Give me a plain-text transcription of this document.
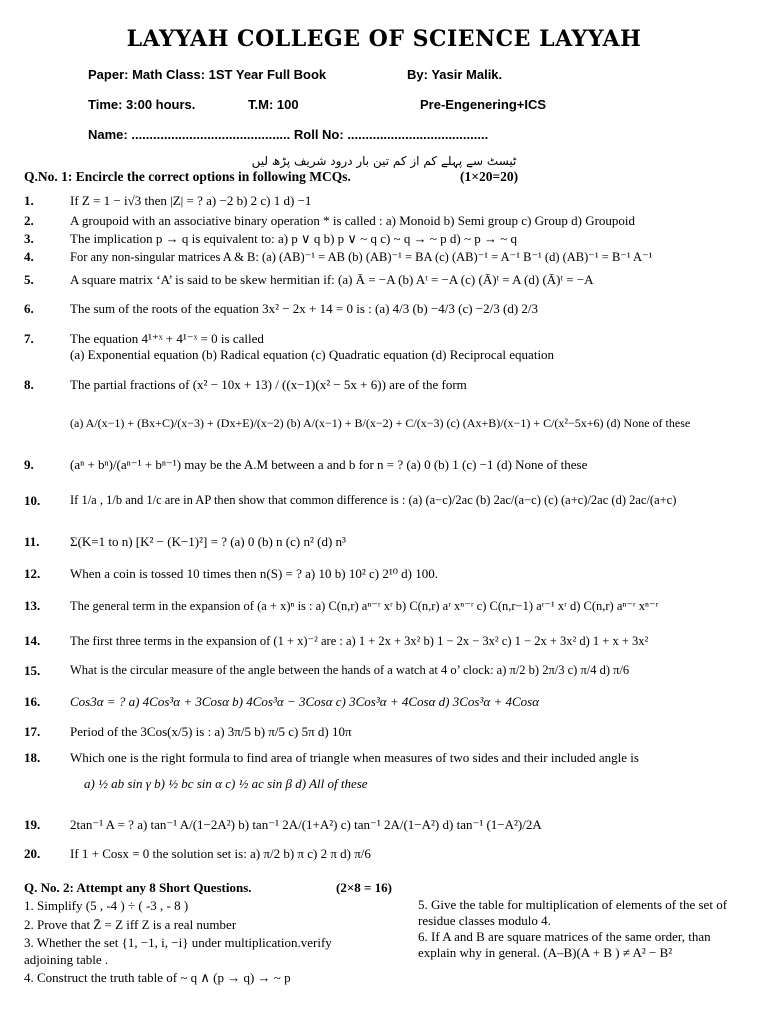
LAYYAH COLLEGE OF SCIENCE LAYYAH
Paper: Math Class: 1ST Year Full Book	By: Yasir Malik.
Time: 3:00 hours.	T.M: 100	Pre-Engenering+ICS
Name: ............................................ Roll No: .......................................
ٹیسٹ سے پہلے کم از کم تین بار درود شریف پڑھ لیں
Q.No. 1: Encircle the correct options in following MCQs.	(1×20=20)
1.	If Z = 1 − i√3 then |Z| = ? a) −2 b) 2 c) 1 d) −1
2.	A groupoid with an associative binary operation * is called : a) Monoid b) Semi group c) Group d) Groupoid
3.	The implication p → q is equivalent to: a) p ∨ q b) p ∨ ~ q c) ~ q → ~ p d) ~ p → ~ q
4.	For any non-singular matrices A & B: (a) (AB)⁻¹ = AB (b) (AB)⁻¹ = BA (c) (AB)⁻¹ = A⁻¹ B⁻¹ (d) (AB)⁻¹ = B⁻¹ A⁻¹
5.	A square matrix ‘A’ is said to be skew hermitian if: (a) Ā = −A (b) Aᵗ = −A (c) (Ā)ᵗ = A (d) (Ā)ᵗ = −A
6.	The sum of the roots of the equation 3x² − 2x + 14 = 0 is : (a) 4/3 (b) −4/3 (c) −2/3 (d) 2/3
7.	The equation 4¹⁺ˣ + 4¹⁻ˣ = 0 is called
(a) Exponential equation (b) Radical equation (c) Quadratic equation (d) Reciprocal equation
8.	The partial fractions of (x² − 10x + 13) / ((x−1)(x² − 5x + 6)) are of the form
(a) A/(x−1) + (Bx+C)/(x−3) + (Dx+E)/(x−2) (b) A/(x−1) + B/(x−2) + C/(x−3) (c) (Ax+B)/(x−1) + C/(x²−5x+6) (d) None of these
9.	(aⁿ + bⁿ)/(aⁿ⁻¹ + bⁿ⁻¹) may be the A.M between a and b for n = ? (a) 0 (b) 1 (c) −1 (d) None of these
10. If 1/a , 1/b and 1/c are in AP then show that common difference is : (a) (a−c)/2ac (b) 2ac/(a−c) (c) (a+c)/2ac (d) 2ac/(a+c)
11. Σ(K=1 to n) [K² − (K−1)²] = ? (a) 0 (b) n (c) n² (d) n³
12. When a coin is tossed 10 times then n(S) = ? a) 10 b) 10² c) 2¹⁰ d) 100.
13. The general term in the expansion of (a + x)ⁿ is : a) C(n,r) aⁿ⁻ʳ xʳ b) C(n,r) aʳ xⁿ⁻ʳ c) C(n,r−1) aʳ⁻¹ xʳ d) C(n,r) aⁿ⁻ʳ xⁿ⁻ʳ
14. The first three terms in the expansion of (1 + x)⁻² are : a) 1 + 2x + 3x² b) 1 − 2x − 3x² c) 1 − 2x + 3x² d) 1 + x + 3x²
15. What is the circular measure of the angle between the hands of a watch at 4 o’ clock: a) π/2 b) 2π/3 c) π/4 d) π/6
16. Cos3α = ? a) 4Cos³α + 3Cosα b) 4Cos³α − 3Cosα c) 3Cos³α + 4Cosα d) 3Cos³α + 4Cosα
17. Period of the 3Cos(x/5) is : a) 3π/5 b) π/5 c) 5π d) 10π
18. Which one is the right formula to find area of triangle when measures of two sides and their included angle is
a) ½ ab sin γ b) ½ bc sin α c) ½ ac sin β d) All of these
19. 2tan⁻¹ A = ? a) tan⁻¹ A/(1−2A²) b) tan⁻¹ 2A/(1+A²) c) tan⁻¹ 2A/(1−A²) d) tan⁻¹ (1−A²)/2A
20. If 1 + Cosx = 0 the solution set is: a) π/2 b) π c) 2 π d) π/6
Q. No. 2: Attempt any 8 Short Questions.	(2×8 = 16)
1. Simplify (5 , -4 ) ÷ ( -3 , - 8 )
2. Prove that Z̄ = Z iff Z is a real number
3. Whether the set {1, −1, i, −i} under multiplication.verify
adjoining table .
4. Construct the truth table of ~ q ∧ (p → q) → ~ p
5. Give the table for multiplication of elements of the set of
residue classes modulo 4.
6. If A and B are square matrices of the same order, than
explain why in general. (A–B)(A + B ) ≠ A² − B²
